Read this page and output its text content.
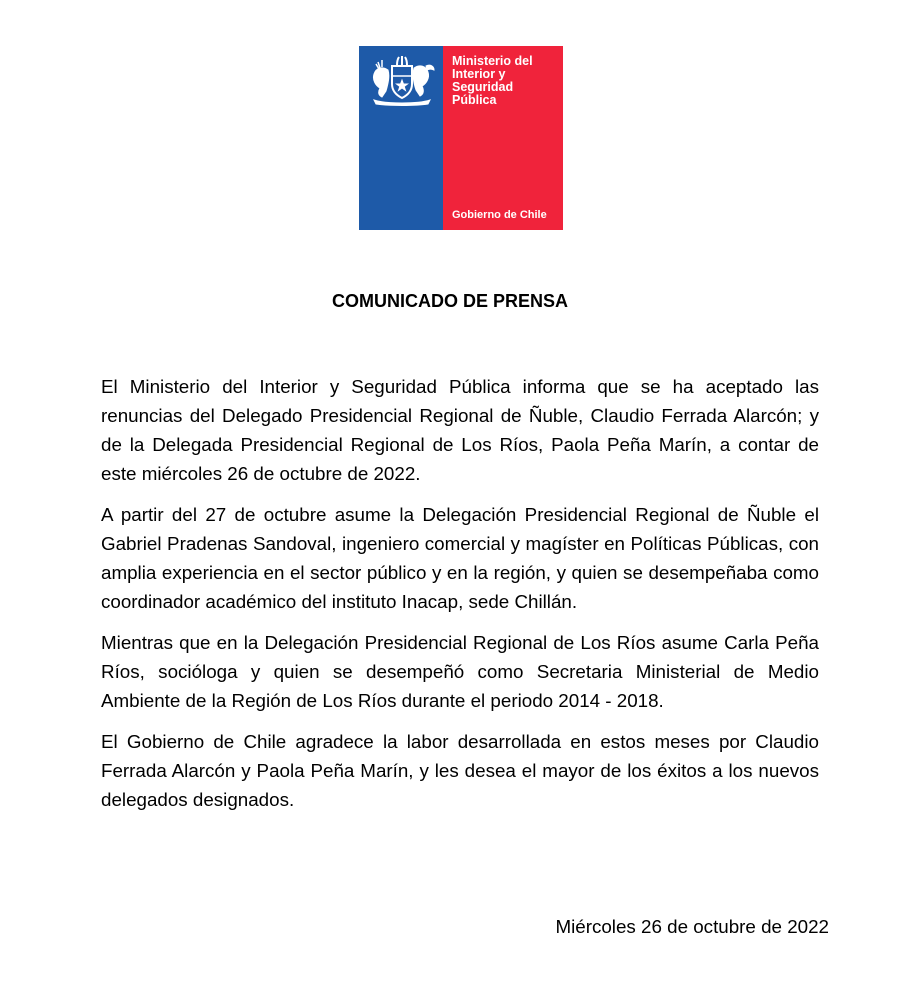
Ministerio del
Interior y
Seguridad
Pública
Gobierno de Chile
COMUNICADO DE PRENSA

El Ministerio del Interior y Seguridad Pública informa que se ha aceptado las renuncias del Delegado Presidencial Regional de Ñuble, Claudio Ferrada Alarcón; y de la Delegada Presidencial Regional de Los Ríos, Paola Peña Marín, a contar de este miércoles 26 de octubre de 2022.

A partir del 27 de octubre asume la Delegación Presidencial Regional de Ñuble el Gabriel Pradenas Sandoval, ingeniero comercial y magíster en Políticas Públicas, con amplia experiencia en el sector público y en la región, y quien se desempeñaba como coordinador académico del instituto Inacap, sede Chillán.

Mientras que en la Delegación Presidencial Regional de Los Ríos asume Carla Peña Ríos, socióloga y quien se desempeñó como Secretaria Ministerial de Medio Ambiente de la Región de Los Ríos durante el periodo 2014 - 2018.

El Gobierno de Chile agradece la labor desarrollada en estos meses por Claudio Ferrada Alarcón y Paola Peña Marín, y les desea el mayor de los éxitos a los nuevos delegados designados.

Miércoles 26 de octubre de 2022
